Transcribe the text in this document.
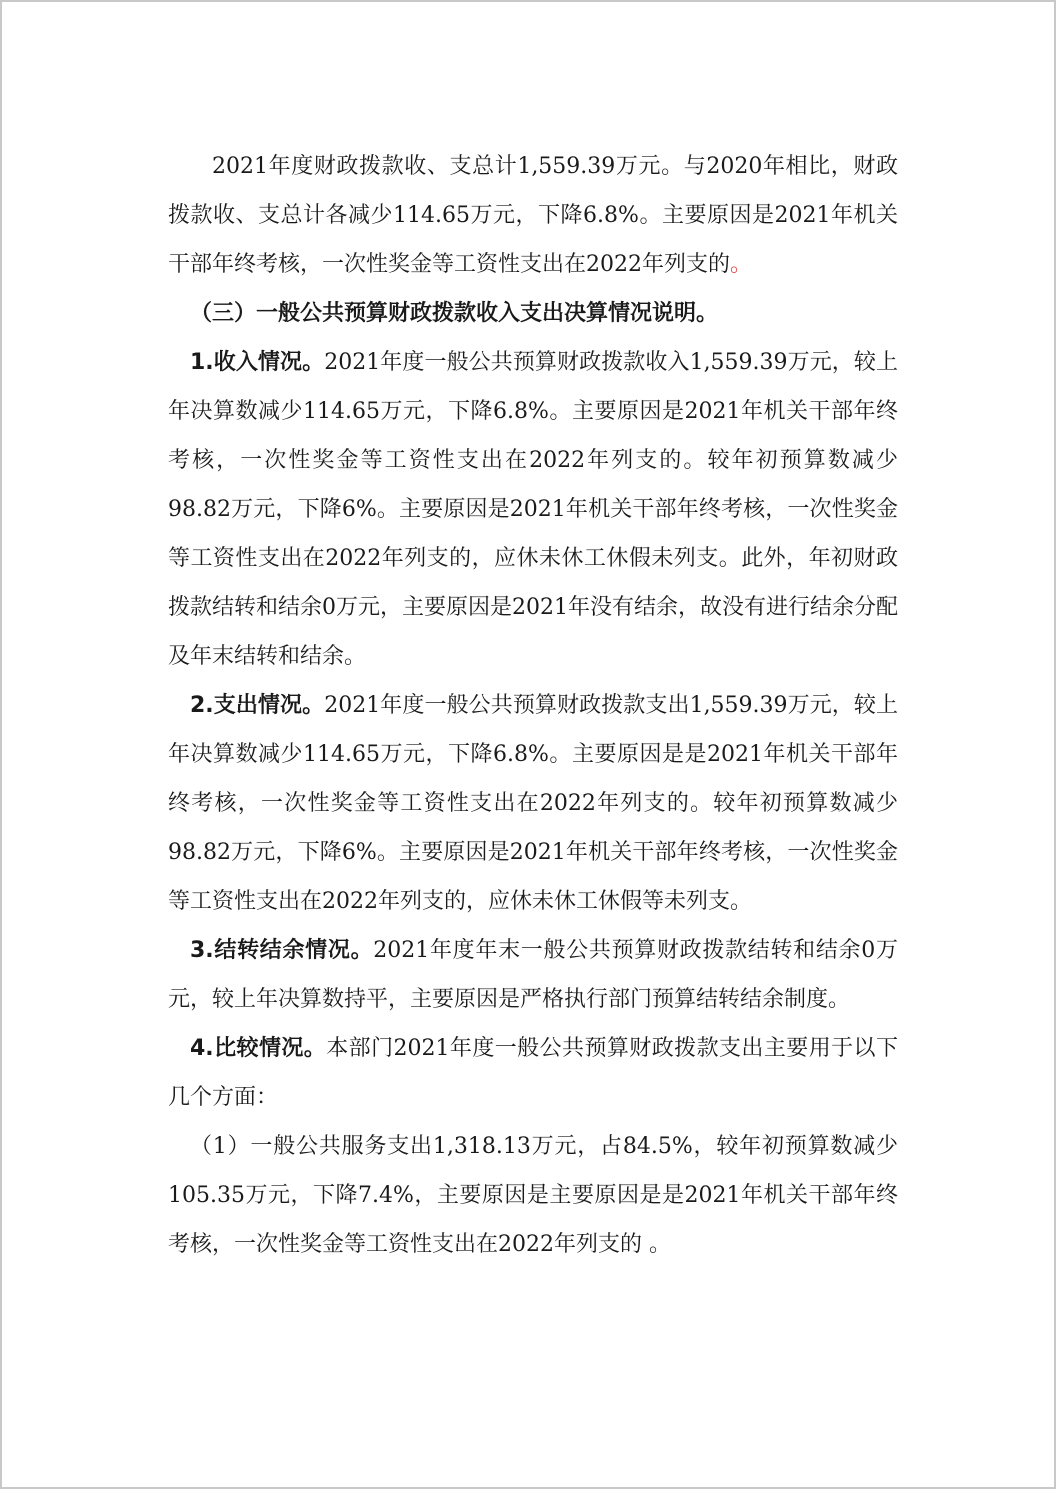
2021年度财政拨款收、支总计1,559.39万元。与2020年相比，财政拨款收、支总计各减少114.65万元，下降6.8%。主要原因是2021年机关干部年终考核，一次性奖金等工资性支出在2022年列支的。

（三）一般公共预算财政拨款收入支出决算情况说明。

1.收入情况。2021年度一般公共预算财政拨款收入1,559.39万元，较上年决算数减少114.65万元，下降6.8%。主要原因是2021年机关干部年终考核，一次性奖金等工资性支出在2022年列支的。较年初预算数减少98.82万元，下降6%。主要原因是2021年机关干部年终考核，一次性奖金等工资性支出在2022年列支的，应休未休工休假未列支。此外，年初财政拨款结转和结余0万元，主要原因是2021年没有结余，故没有进行结余分配及年末结转和结余。

2.支出情况。2021年度一般公共预算财政拨款支出1,559.39万元，较上年决算数减少114.65万元，下降6.8%。主要原因是是2021年机关干部年终考核，一次性奖金等工资性支出在2022年列支的。较年初预算数减少98.82万元，下降6%。主要原因是2021年机关干部年终考核，一次性奖金等工资性支出在2022年列支的，应休未休工休假等未列支。

3.结转结余情况。2021年度年末一般公共预算财政拨款结转和结余0万元，较上年决算数持平，主要原因是严格执行部门预算结转结余制度。

4.比较情况。本部门2021年度一般公共预算财政拨款支出主要用于以下几个方面：

（1）一般公共服务支出1,318.13万元，占84.5%，较年初预算数减少105.35万元，下降7.4%，主要原因是主要原因是是2021年机关干部年终考核，一次性奖金等工资性支出在2022年列支的 。
